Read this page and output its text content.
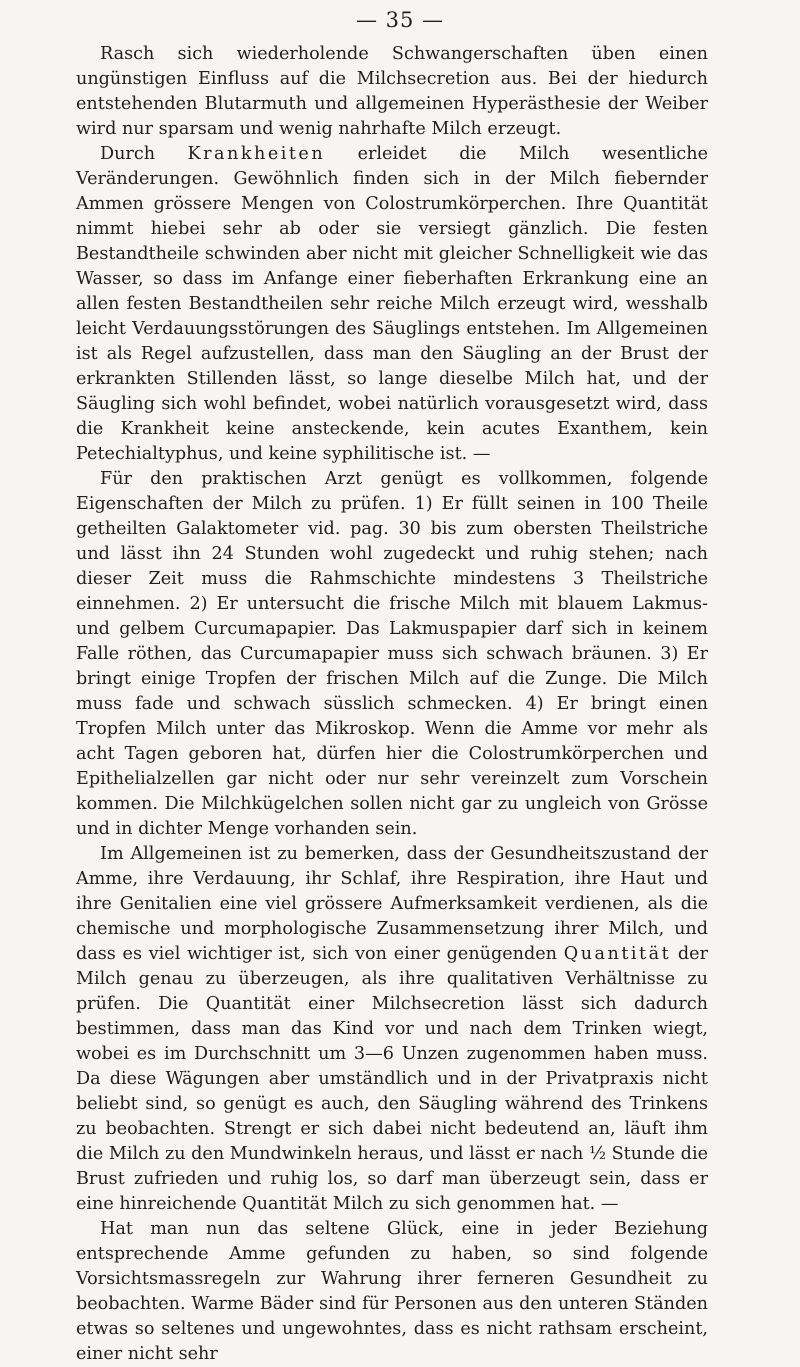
— 35 —

Rasch sich wiederholende Schwangerschaften üben einen ungünstigen Einfluss auf die Milchsecretion aus. Bei der hiedurch entstehenden Blutarmuth und allgemeinen Hyperästhesie der Weiber wird nur sparsam und wenig nahrhafte Milch erzeugt.

Durch Krankheiten erleidet die Milch wesentliche Veränderungen. Gewöhnlich finden sich in der Milch fiebernder Ammen grössere Mengen von Colostrumkörperchen. Ihre Quantität nimmt hiebei sehr ab oder sie versiegt gänzlich. Die festen Bestandtheile schwinden aber nicht mit gleicher Schnelligkeit wie das Wasser, so dass im Anfange einer fieberhaften Erkrankung eine an allen festen Bestandtheilen sehr reiche Milch erzeugt wird, wesshalb leicht Verdauungsstörungen des Säuglings entstehen. Im Allgemeinen ist als Regel aufzustellen, dass man den Säugling an der Brust der erkrankten Stillenden lässt, so lange dieselbe Milch hat, und der Säugling sich wohl befindet, wobei natürlich vorausgesetzt wird, dass die Krankheit keine ansteckende, kein acutes Exanthem, kein Petechialtyphus, und keine syphilitische ist. —

Für den praktischen Arzt genügt es vollkommen, folgende Eigenschaften der Milch zu prüfen. 1) Er füllt seinen in 100 Theile getheilten Galaktometer vid. pag. 30 bis zum obersten Theilstriche und lässt ihn 24 Stunden wohl zugedeckt und ruhig stehen; nach dieser Zeit muss die Rahmschichte mindestens 3 Theilstriche einnehmen. 2) Er untersucht die frische Milch mit blauem Lakmus- und gelbem Curcumapapier. Das Lakmuspapier darf sich in keinem Falle röthen, das Curcumapapier muss sich schwach bräunen. 3) Er bringt einige Tropfen der frischen Milch auf die Zunge. Die Milch muss fade und schwach süsslich schmecken. 4) Er bringt einen Tropfen Milch unter das Mikroskop. Wenn die Amme vor mehr als acht Tagen geboren hat, dürfen hier die Colostrumkörperchen und Epithelialzellen gar nicht oder nur sehr vereinzelt zum Vorschein kommen. Die Milchkügelchen sollen nicht gar zu ungleich von Grösse und in dichter Menge vorhanden sein.

Im Allgemeinen ist zu bemerken, dass der Gesundheitszustand der Amme, ihre Verdauung, ihr Schlaf, ihre Respiration, ihre Haut und ihre Genitalien eine viel grössere Aufmerksamkeit verdienen, als die chemische und morphologische Zusammensetzung ihrer Milch, und dass es viel wichtiger ist, sich von einer genügenden Quantität der Milch genau zu überzeugen, als ihre qualitativen Verhältnisse zu prüfen. Die Quantität einer Milchsecretion lässt sich dadurch bestimmen, dass man das Kind vor und nach dem Trinken wiegt, wobei es im Durchschnitt um 3—6 Unzen zugenommen haben muss. Da diese Wägungen aber umständlich und in der Privatpraxis nicht beliebt sind, so genügt es auch, den Säugling während des Trinkens zu beobachten. Strengt er sich dabei nicht bedeutend an, läuft ihm die Milch zu den Mundwinkeln heraus, und lässt er nach ½ Stunde die Brust zufrieden und ruhig los, so darf man überzeugt sein, dass er eine hinreichende Quantität Milch zu sich genommen hat. —

Hat man nun das seltene Glück, eine in jeder Beziehung entsprechende Amme gefunden zu haben, so sind folgende Vorsichtsmassregeln zur Wahrung ihrer ferneren Gesundheit zu beobachten. Warme Bäder sind für Personen aus den unteren Ständen etwas so seltenes und ungewohntes, dass es nicht rathsam erscheint, einer nicht sehr
